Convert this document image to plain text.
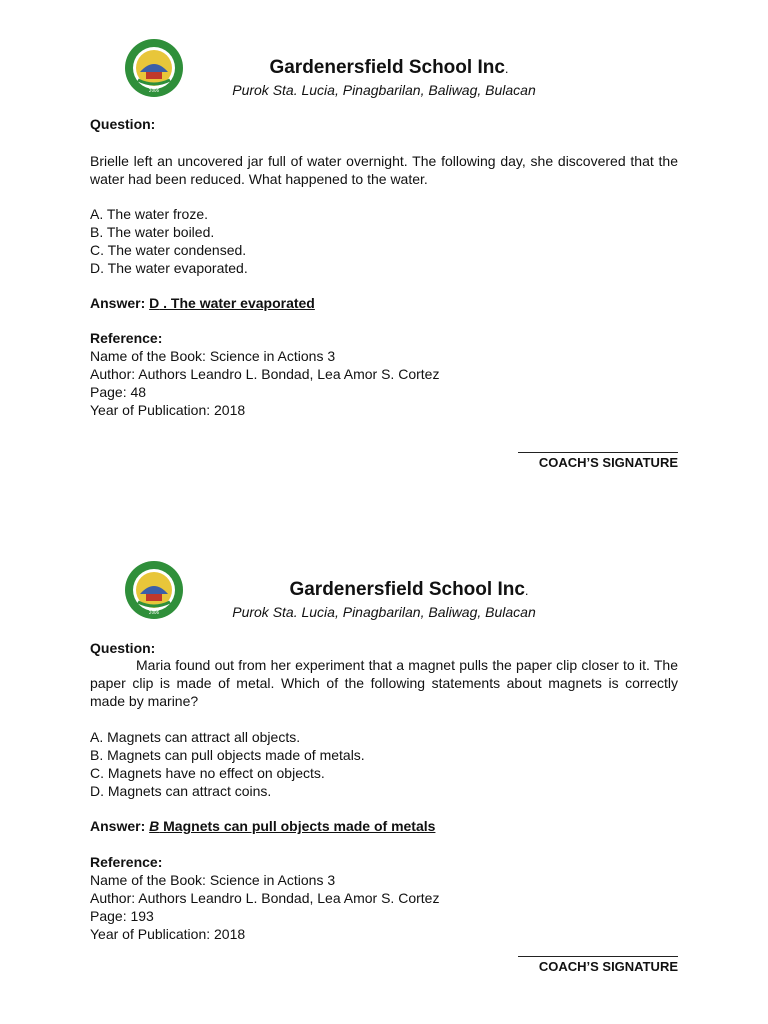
2006
Gardenersfield School Inc.
Purok Sta. Lucia, Pinagbarilan, Baliwag, Bulacan
Question:
Brielle left an uncovered jar full of water overnight. The following day, she discovered that the water had been reduced. What happened to the water.
A. The water froze.
B. The water boiled.
C. The water condensed.
D. The water evaporated.
Answer: D . The water evaporated
Reference:
Name of the Book: Science in Actions 3
Author: Authors Leandro L. Bondad, Lea Amor S. Cortez
Page: 48
Year of Publication: 2018
COACH’S SIGNATURE
2006
Gardenersfield School Inc.
Purok Sta. Lucia, Pinagbarilan, Baliwag, Bulacan
Question:
Maria found out from her experiment that a magnet pulls the paper clip closer to it. The paper clip is made of metal. Which of the following statements about magnets is correctly made by marine?
A. Magnets can attract all objects.
B. Magnets can pull objects made of metals.
C. Magnets have no effect on objects.
D. Magnets can attract coins.
Answer: B Magnets can pull objects made of metals
Reference:
Name of the Book: Science in Actions 3
Author: Authors Leandro L. Bondad, Lea Amor S. Cortez
Page: 193
Year of Publication: 2018
COACH’S SIGNATURE
